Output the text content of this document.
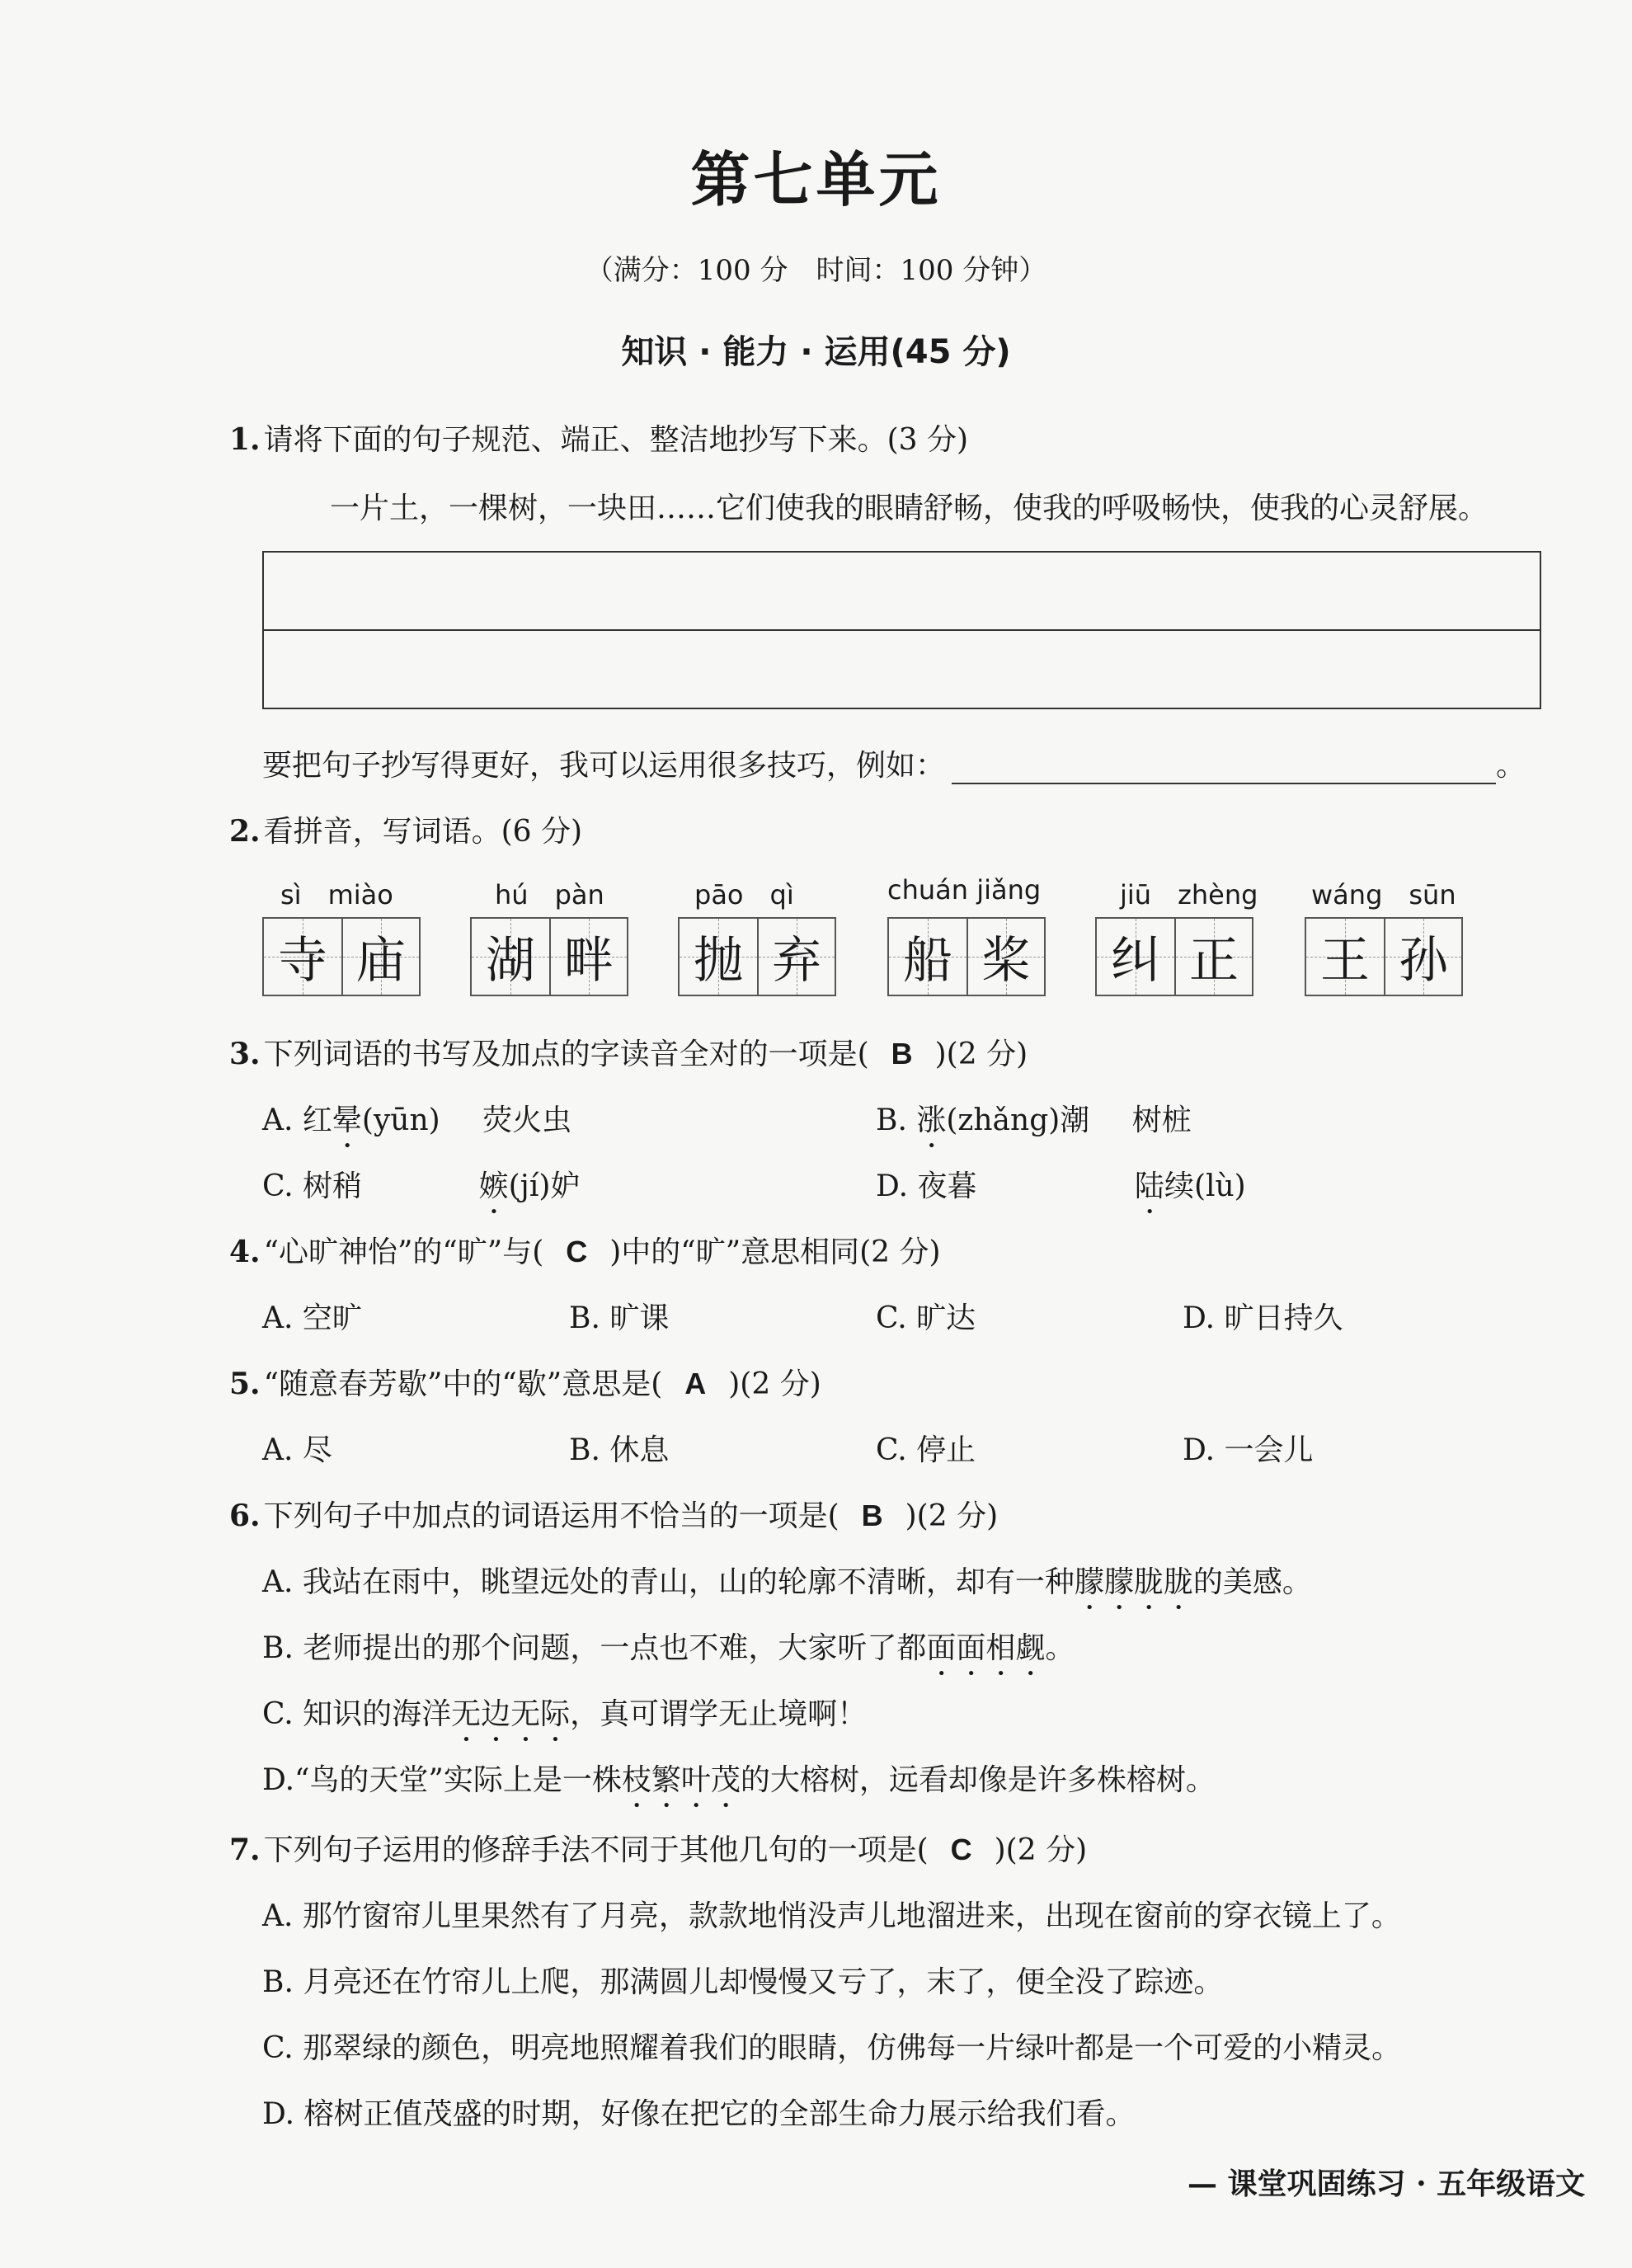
第七单元
（满分：100 分　时间：100 分钟）
知识 · 能力 · 运用(45 分)
1. 请将下面的句子规范、端正、整洁地抄写下来。(3 分)
一片土，一棵树，一块田……它们使我的眼睛舒畅，使我的呼吸畅快，使我的心灵舒展。
要把句子抄写得更好，我可以运用很多技巧，例如：	。
2. 看拼音，写词语。(6 分)
sì　miào	hú　pàn	pāo　qì	chuán jiǎng	jiū　zhèng wáng　sūn
寺 庙 湖 畔 抛 弃 船 桨 纠 正 王 孙
3. 下列词语的书写及加点的字读音全对的一项是( B )(2 分)
A. 红晕(yūn) 荧火虫	B. 涨(zhǎng)潮 树桩
C. 树稍	嫉(jí)妒	D. 夜暮	陆续(lù)
4. “心旷神怡”的“旷”与( C )中的“旷”意思相同(2 分)
A. 空旷	B. 旷课	C. 旷达	D. 旷日持久
5. “随意春芳歇”中的“歇”意思是( A )(2 分)
A. 尽	B. 休息	C. 停止	D. 一会儿
6. 下列句子中加点的词语运用不恰当的一项是( B )(2 分)
A. 我站在雨中，眺望远处的青山，山的轮廓不清晰，却有一种朦朦胧胧的美感。
B. 老师提出的那个问题，一点也不难，大家听了都面面相觑。
C. 知识的海洋无边无际，真可谓学无止境啊！
D.“鸟的天堂”实际上是一株枝繁叶茂的大榕树，远看却像是许多株榕树。
7. 下列句子运用的修辞手法不同于其他几句的一项是( C )(2 分)
A. 那竹窗帘儿里果然有了月亮，款款地悄没声儿地溜进来，出现在窗前的穿衣镜上了。
B. 月亮还在竹帘儿上爬，那满圆儿却慢慢又亏了，末了，便全没了踪迹。
C. 那翠绿的颜色，明亮地照耀着我们的眼睛，仿佛每一片绿叶都是一个可爱的小精灵。
D. 榕树正值茂盛的时期，好像在把它的全部生命力展示给我们看。
— 课堂巩固练习 · 五年级语文
